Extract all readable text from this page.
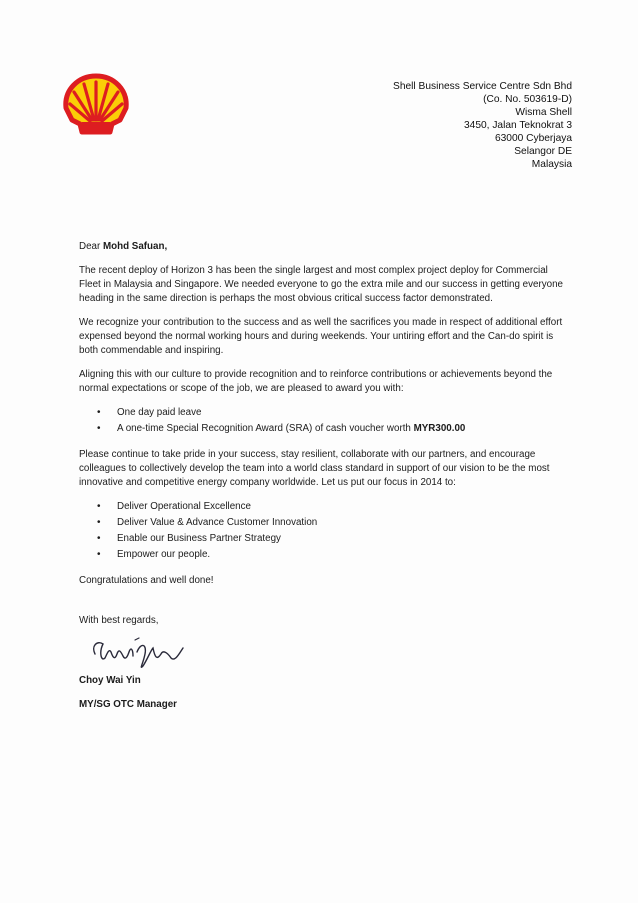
Shell Business Service Centre Sdn Bhd
(Co. No. 503619-D)
Wisma Shell
3450, Jalan Teknokrat 3
63000 Cyberjaya
Selangor DE
Malaysia

Dear Mohd Safuan,

The recent deploy of Horizon 3 has been the single largest and most complex project deploy for Commercial Fleet in Malaysia and Singapore. We needed everyone to go the extra mile and our success in getting everyone heading in the same direction is perhaps the most obvious critical success factor demonstrated.

We recognize your contribution to the success and as well the sacrifices you made in respect of additional effort expensed beyond the normal working hours and during weekends. Your untiring effort and the Can-do spirit is both commendable and inspiring.

Aligning this with our culture to provide recognition and to reinforce contributions or achievements beyond the normal expectations or scope of the job, we are pleased to award you with:

• One day paid leave
• A one-time Special Recognition Award (SRA) of cash voucher worth MYR300.00

Please continue to take pride in your success, stay resilient, collaborate with our partners, and encourage colleagues to collectively develop the team into a world class standard in support of our vision to be the most innovative and competitive energy company worldwide. Let us put our focus in 2014 to:

• Deliver Operational Excellence
• Deliver Value & Advance Customer Innovation
• Enable our Business Partner Strategy
• Empower our people.

Congratulations and well done!

With best regards,
Choy Wai Yin
MY/SG OTC Manager
